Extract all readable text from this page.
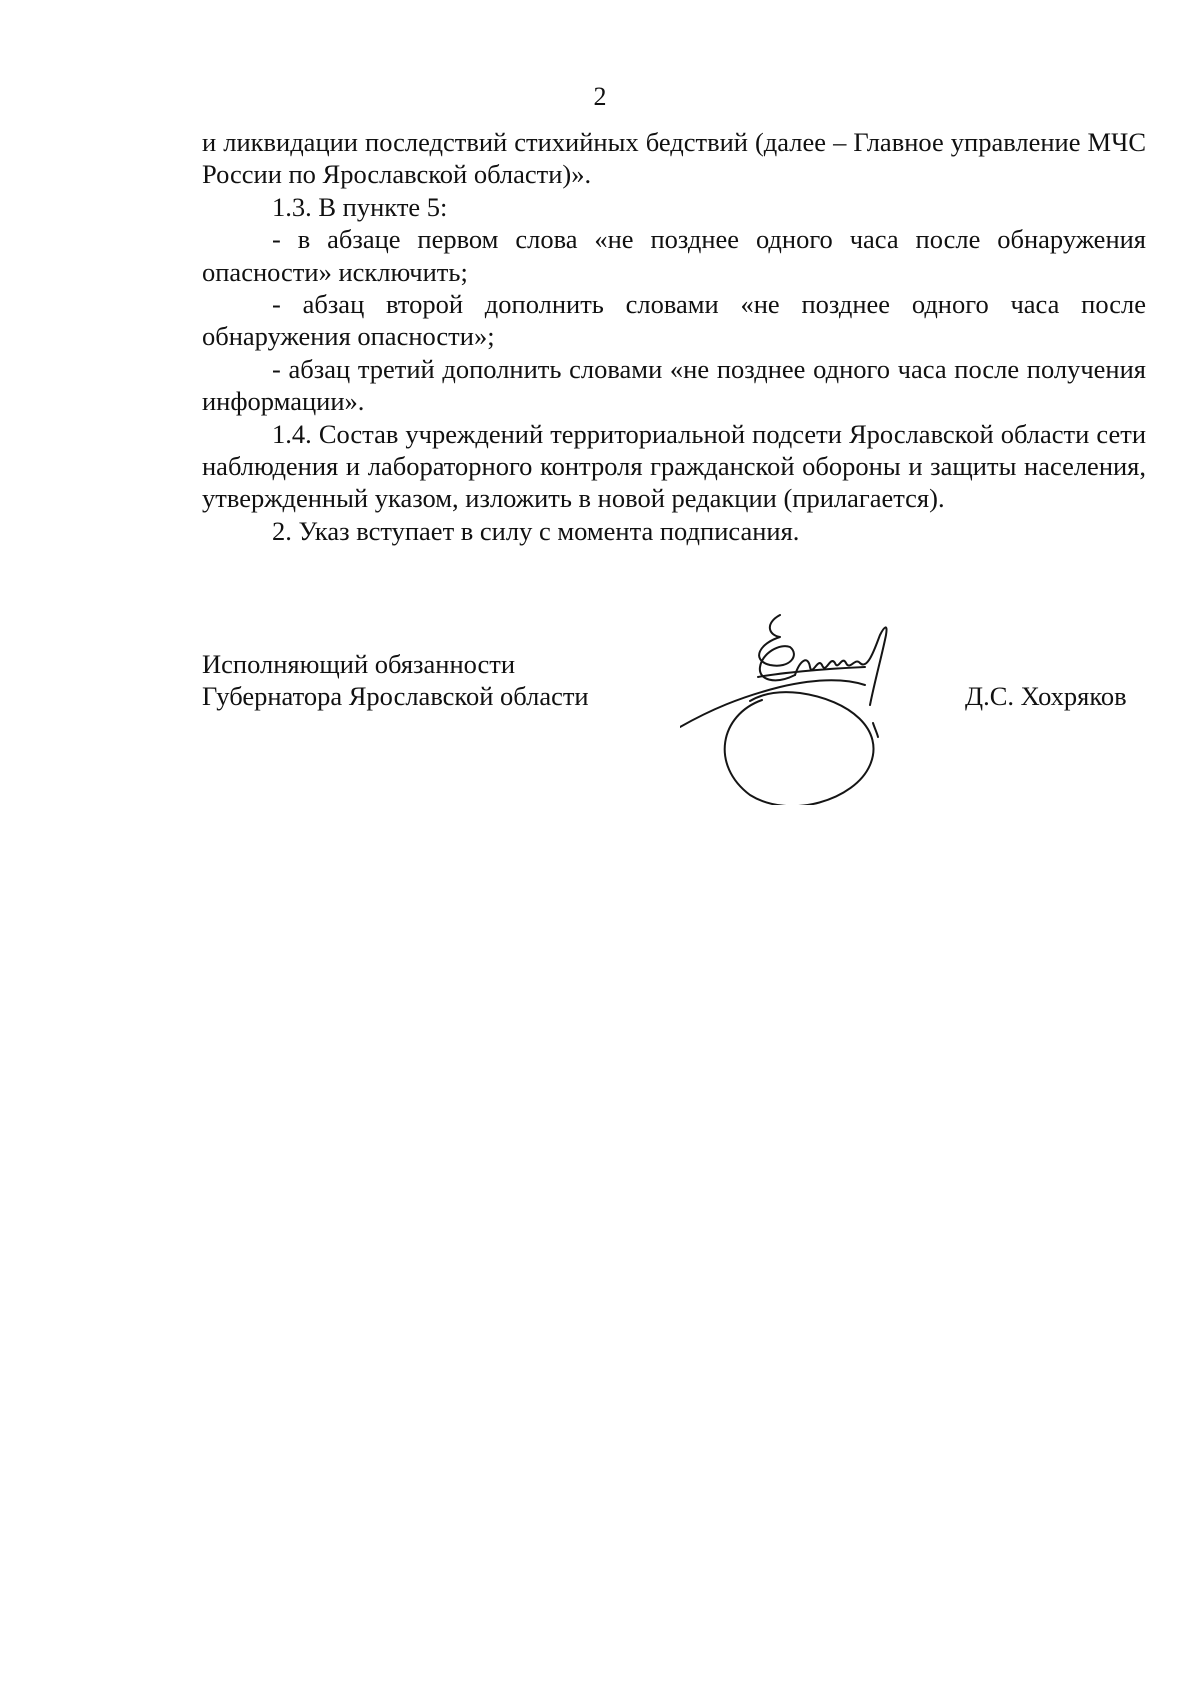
2

и ликвидации последствий стихийных бедствий (далее – Главное управление МЧС России по Ярославской области)».

1.3. В пункте 5:

- в абзаце первом слова «не позднее одного часа после обнаружения опасности» исключить;

- абзац второй дополнить словами «не позднее одного часа после обнаружения опасности»;

- абзац третий дополнить словами «не позднее одного часа после получения информации».

1.4. Состав учреждений территориальной подсети Ярославской области сети наблюдения и лабораторного контроля гражданской обороны и защиты населения, утвержденный указом, изложить в новой редакции (прилагается).

2. Указ вступает в силу с момента подписания.

Исполняющий обязанности
Губернатора Ярославской области	Д.С. Хохряков
